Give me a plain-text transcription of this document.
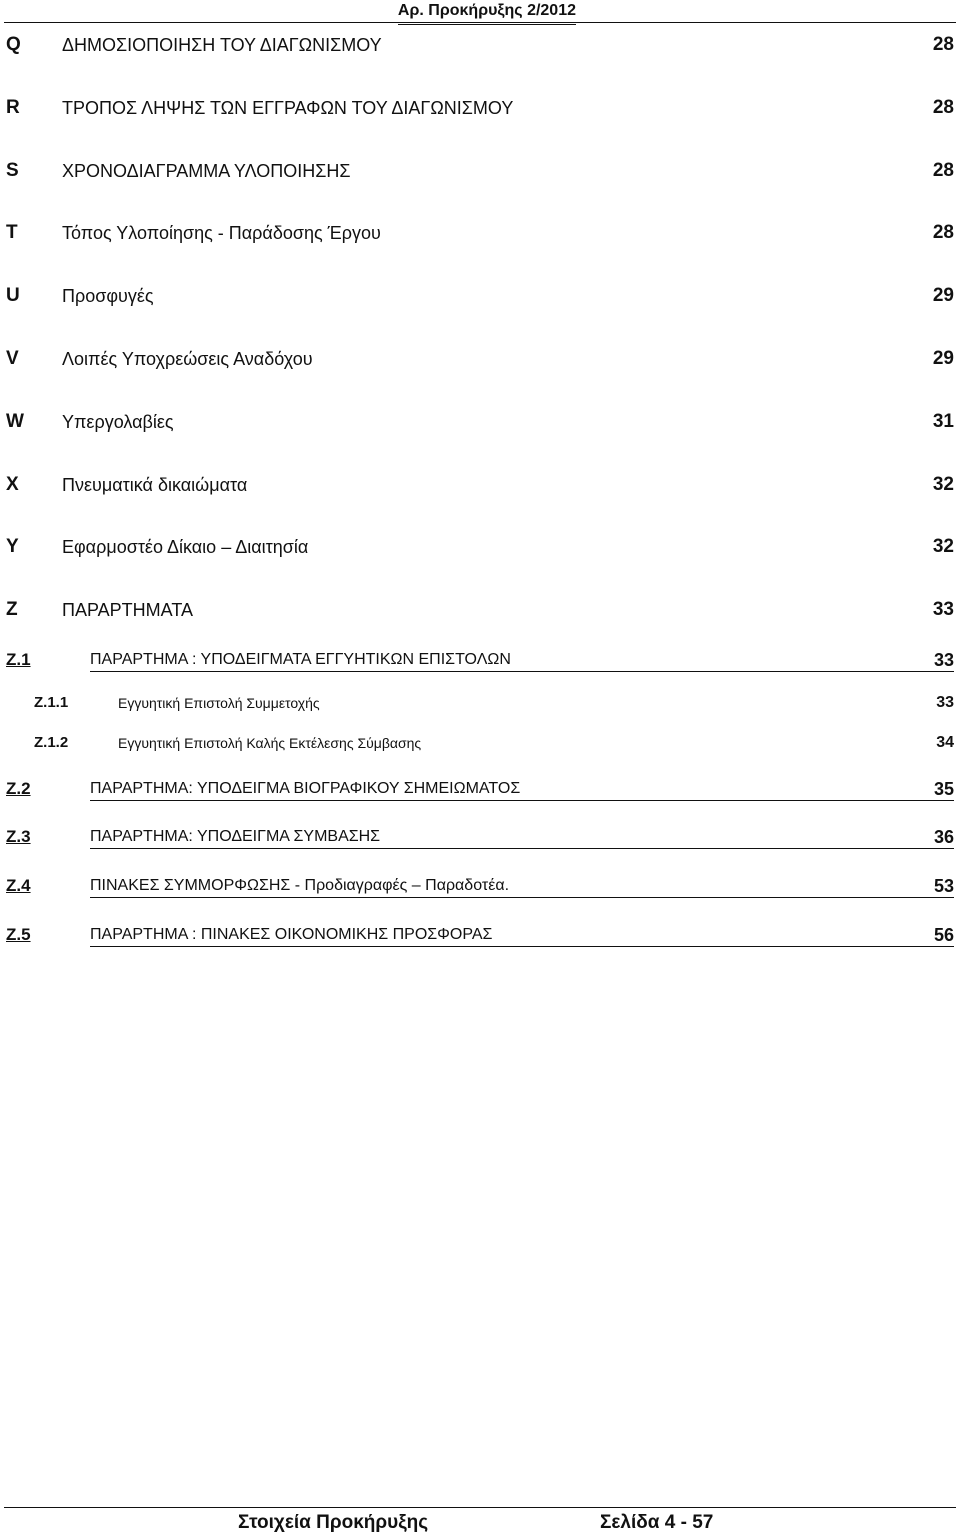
Αρ. Προκήρυξης 2/2012
Q ΔΗΜΟΣΙΟΠΟΙΗΣΗ ΤΟΥ ΔΙΑΓΩΝΙΣΜΟΥ	28
R ΤΡΟΠΟΣ ΛΗΨΗΣ ΤΩΝ ΕΓΓΡΑΦΩΝ ΤΟΥ ΔΙΑΓΩΝΙΣΜΟΥ	28
S ΧΡΟΝΟΔΙΑΓΡΑΜΜΑ ΥΛΟΠΟΙΗΣΗΣ	28
T Τόπος Υλοποίησης - Παράδοσης Έργου	28
U Προσφυγές	29
V Λοιπές Υποχρεώσεις Αναδόχου	29
W Υπεργολαβίες	31
X Πνευματικά δικαιώματα	32
Y Εφαρμοστέο Δίκαιο – Διαιτησία	32
Z ΠΑΡΑΡΤΗΜΑΤΑ	33
Z.1	ΠΑΡΑΡΤΗΜΑ : ΥΠΟΔΕΙΓΜΑΤΑ ΕΓΓΥΗΤΙΚΩΝ ΕΠΙΣΤΟΛΩΝ	33
Z.1.1	Εγγυητική Επιστολή Συμμετοχής	33
Z.1.2	Εγγυητική Επιστολή Καλής Εκτέλεσης Σύμβασης	34
Z.2	ΠΑΡΑΡΤΗΜΑ: ΥΠΟΔΕΙΓΜΑ ΒΙΟΓΡΑΦΙΚΟΥ ΣΗΜΕΙΩΜΑΤΟΣ	35
Z.3	ΠΑΡΑΡΤΗΜΑ: ΥΠΟΔΕΙΓΜΑ ΣΥΜΒΑΣΗΣ	36
Z.4	ΠΙΝΑΚΕΣ ΣΥΜΜΟΡΦΩΣΗΣ - Προδιαγραφές – Παραδοτέα.	53
Z.5	ΠΑΡΑΡΤΗΜΑ : ΠΙΝΑΚΕΣ ΟΙΚΟΝΟΜΙΚΗΣ ΠΡΟΣΦΟΡΑΣ	56
Στοιχεία Προκήρυξης	Σελίδα 4 - 57
